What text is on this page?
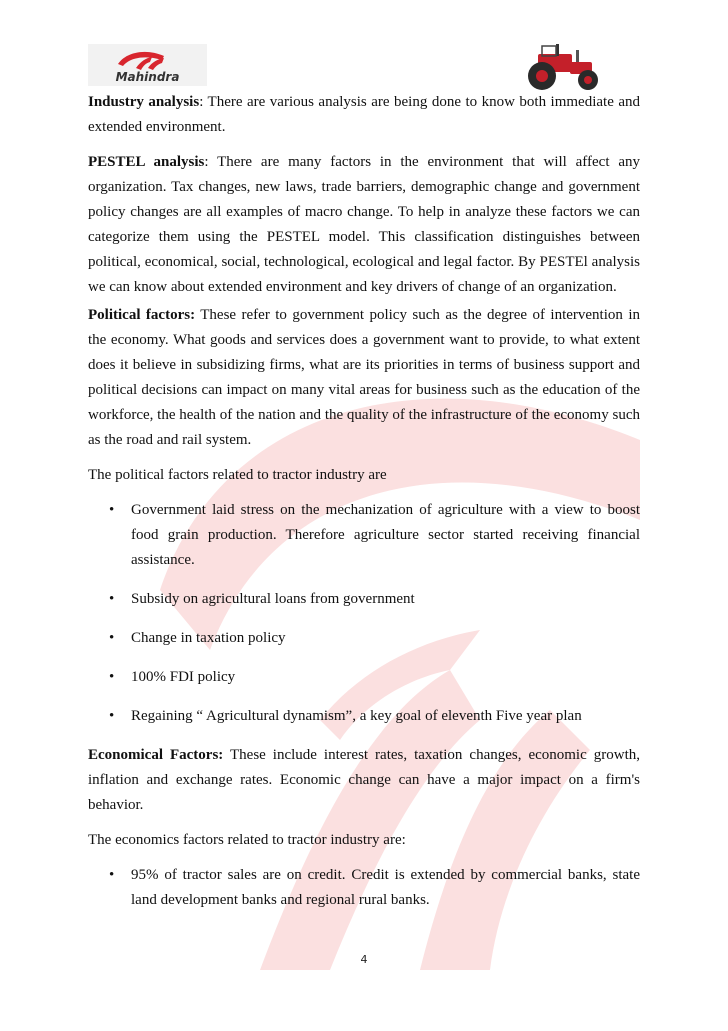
Mahindra

Industry analysis: There are various analysis are being done to know both immediate and extended environment.

PESTEL analysis: There are many factors in the environment that will affect any organization. Tax changes, new laws, trade barriers, demographic change and government policy changes are all examples of macro change. To help in analyze these factors we can categorize them using the PESTEL model. This classification distinguishes between political, economical, social, technological, ecological and legal factor. By PESTEl analysis we can know about extended environment and key drivers of change of an organization.

Political factors: These refer to government policy such as the degree of intervention in the economy. What goods and services does a government want to provide, to what extent does it believe in subsidizing firms, what are its priorities in terms of business support and political decisions can impact on many vital areas for business such as the education of the workforce, the health of the nation and the quality of the infrastructure of the economy such as the road and rail system.

The political factors related to tractor industry are

• Government laid stress on the mechanization of agriculture with a view to boost food grain production. Therefore agriculture sector started receiving financial assistance.
• Subsidy on agricultural loans from government
• Change in taxation policy
• 100% FDI policy
• Regaining “ Agricultural dynamism”, a key goal of eleventh Five year plan

Economical Factors: These include interest rates, taxation changes, economic growth, inflation and exchange rates. Economic change can have a major impact on a firm's behavior.

The economics factors related to tractor industry are:

• 95% of tractor sales are on credit. Credit is extended by commercial banks, state land development banks and regional rural banks.
4
